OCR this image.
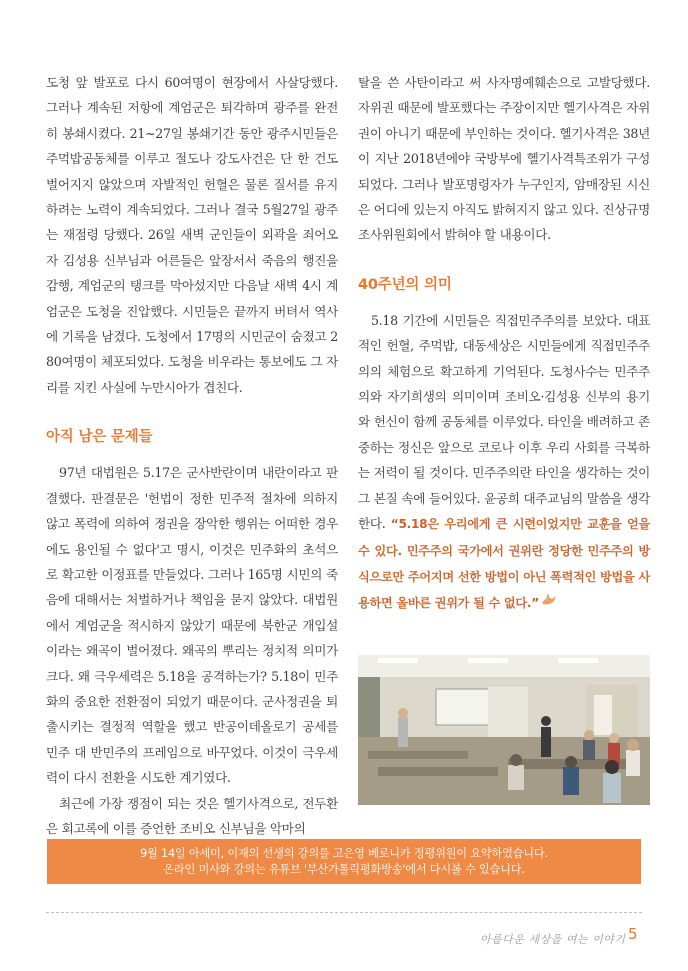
도청 앞 발포로 다시 60여명이 현장에서 사살당했다. 그러나 계속된 저항에 계엄군은 퇴각하며 광주를 완전히 봉쇄시켰다. 21~27일 봉쇄기간 동안 광주시민들은 주먹밥공동체를 이루고 절도나 강도사건은 단 한 건도 벌어지지 않았으며 자발적인 헌혈은 물론 질서를 유지하려는 노력이 계속되었다. 그러나 결국 5월27일 광주는 재점령 당했다. 26일 새벽 군인들이 외곽을 죄어오자 김성용 신부님과 어른들은 앞장서서 죽음의 행진을 감행, 계엄군의 탱크를 막아섰지만 다음날 새벽 4시 계엄군은 도청을 진압했다. 시민들은 끝까지 버텨서 역사에 기록을 남겼다. 도청에서 17명의 시민군이 숨졌고 280여명이 체포되었다. 도청을 비우라는 통보에도 그 자리를 지킨 사실에 누만시아가 겹친다.

아직 남은 문제들

97년 대법원은 5.17은 군사반란이며 내란이라고 판결했다. 판결문은 '헌법이 정한 민주적 절차에 의하지 않고 폭력에 의하여 정권을 장악한 행위는 어떠한 경우에도 용인될 수 없다'고 명시, 이것은 민주화의 초석으로 확고한 이정표를 만들었다. 그러나 165명 시민의 죽음에 대해서는 처벌하거나 책임을 묻지 않았다. 대법원에서 계엄군을 적시하지 않았기 때문에 북한군 개입설이라는 왜곡이 벌어졌다. 왜곡의 뿌리는 정치적 의미가 크다. 왜 극우세력은 5.18을 공격하는가? 5.18이 민주화의 중요한 전환점이 되었기 때문이다. 군사정권을 퇴출시키는 결정적 역할을 했고 반공이데올로기 공세를 민주 대 반민주의 프레임으로 바꾸었다. 이것이 극우세력이 다시 전환을 시도한 계기였다.

최근에 가장 쟁점이 되는 것은 헬기사격으로, 전두환은 회고록에 이를 증언한 조비오 신부님을 악마의

탈을 쓴 사탄이라고 써 사자명예훼손으로 고발당했다. 자위권 때문에 발포했다는 주장이지만 헬기사격은 자위권이 아니기 때문에 부인하는 것이다. 헬기사격은 38년이 지난 2018년에야 국방부에 헬기사격특조위가 구성되었다. 그러나 발포명령자가 누구인지, 암매장된 시신은 어디에 있는지 아직도 밝혀지지 않고 있다. 진상규명조사위원회에서 밝혀야 할 내용이다.

40주년의 의미

5.18 기간에 시민들은 직접민주주의를 보았다. 대표적인 헌혈, 주먹밥, 대동세상은 시민들에게 직접민주주의의 체험으로 확고하게 기억된다. 도청사수는 민주주의와 자기희생의 의미이며 조비오·김성용 신부의 용기와 헌신이 함께 공동체를 이루었다. 타인을 배려하고 존중하는 정신은 앞으로 코로나 이후 우리 사회를 극복하는 저력이 될 것이다. 민주주의란 타인을 생각하는 것이 그 본질 속에 들어있다. 윤공희 대주교님의 말씀을 생각한다. “5.18은 우리에게 큰 시련이었지만 교훈을 얻을 수 있다. 민주주의 국가에서 권위란 정당한 민주주의 방식으로만 주어지며 선한 방법이 아닌 폭력적인 방법을 사용하면 올바른 권위가 될 수 없다.”

9월 14일 아세미, 이재의 선생의 강의를 고은영 베로니카 정평위원이 요약하였습니다.
온라인 미사와 강의는 유튜브 '부산가톨릭평화방송'에서 다시볼 수 있습니다.
아름다운 세상을 여는 이야기 5
